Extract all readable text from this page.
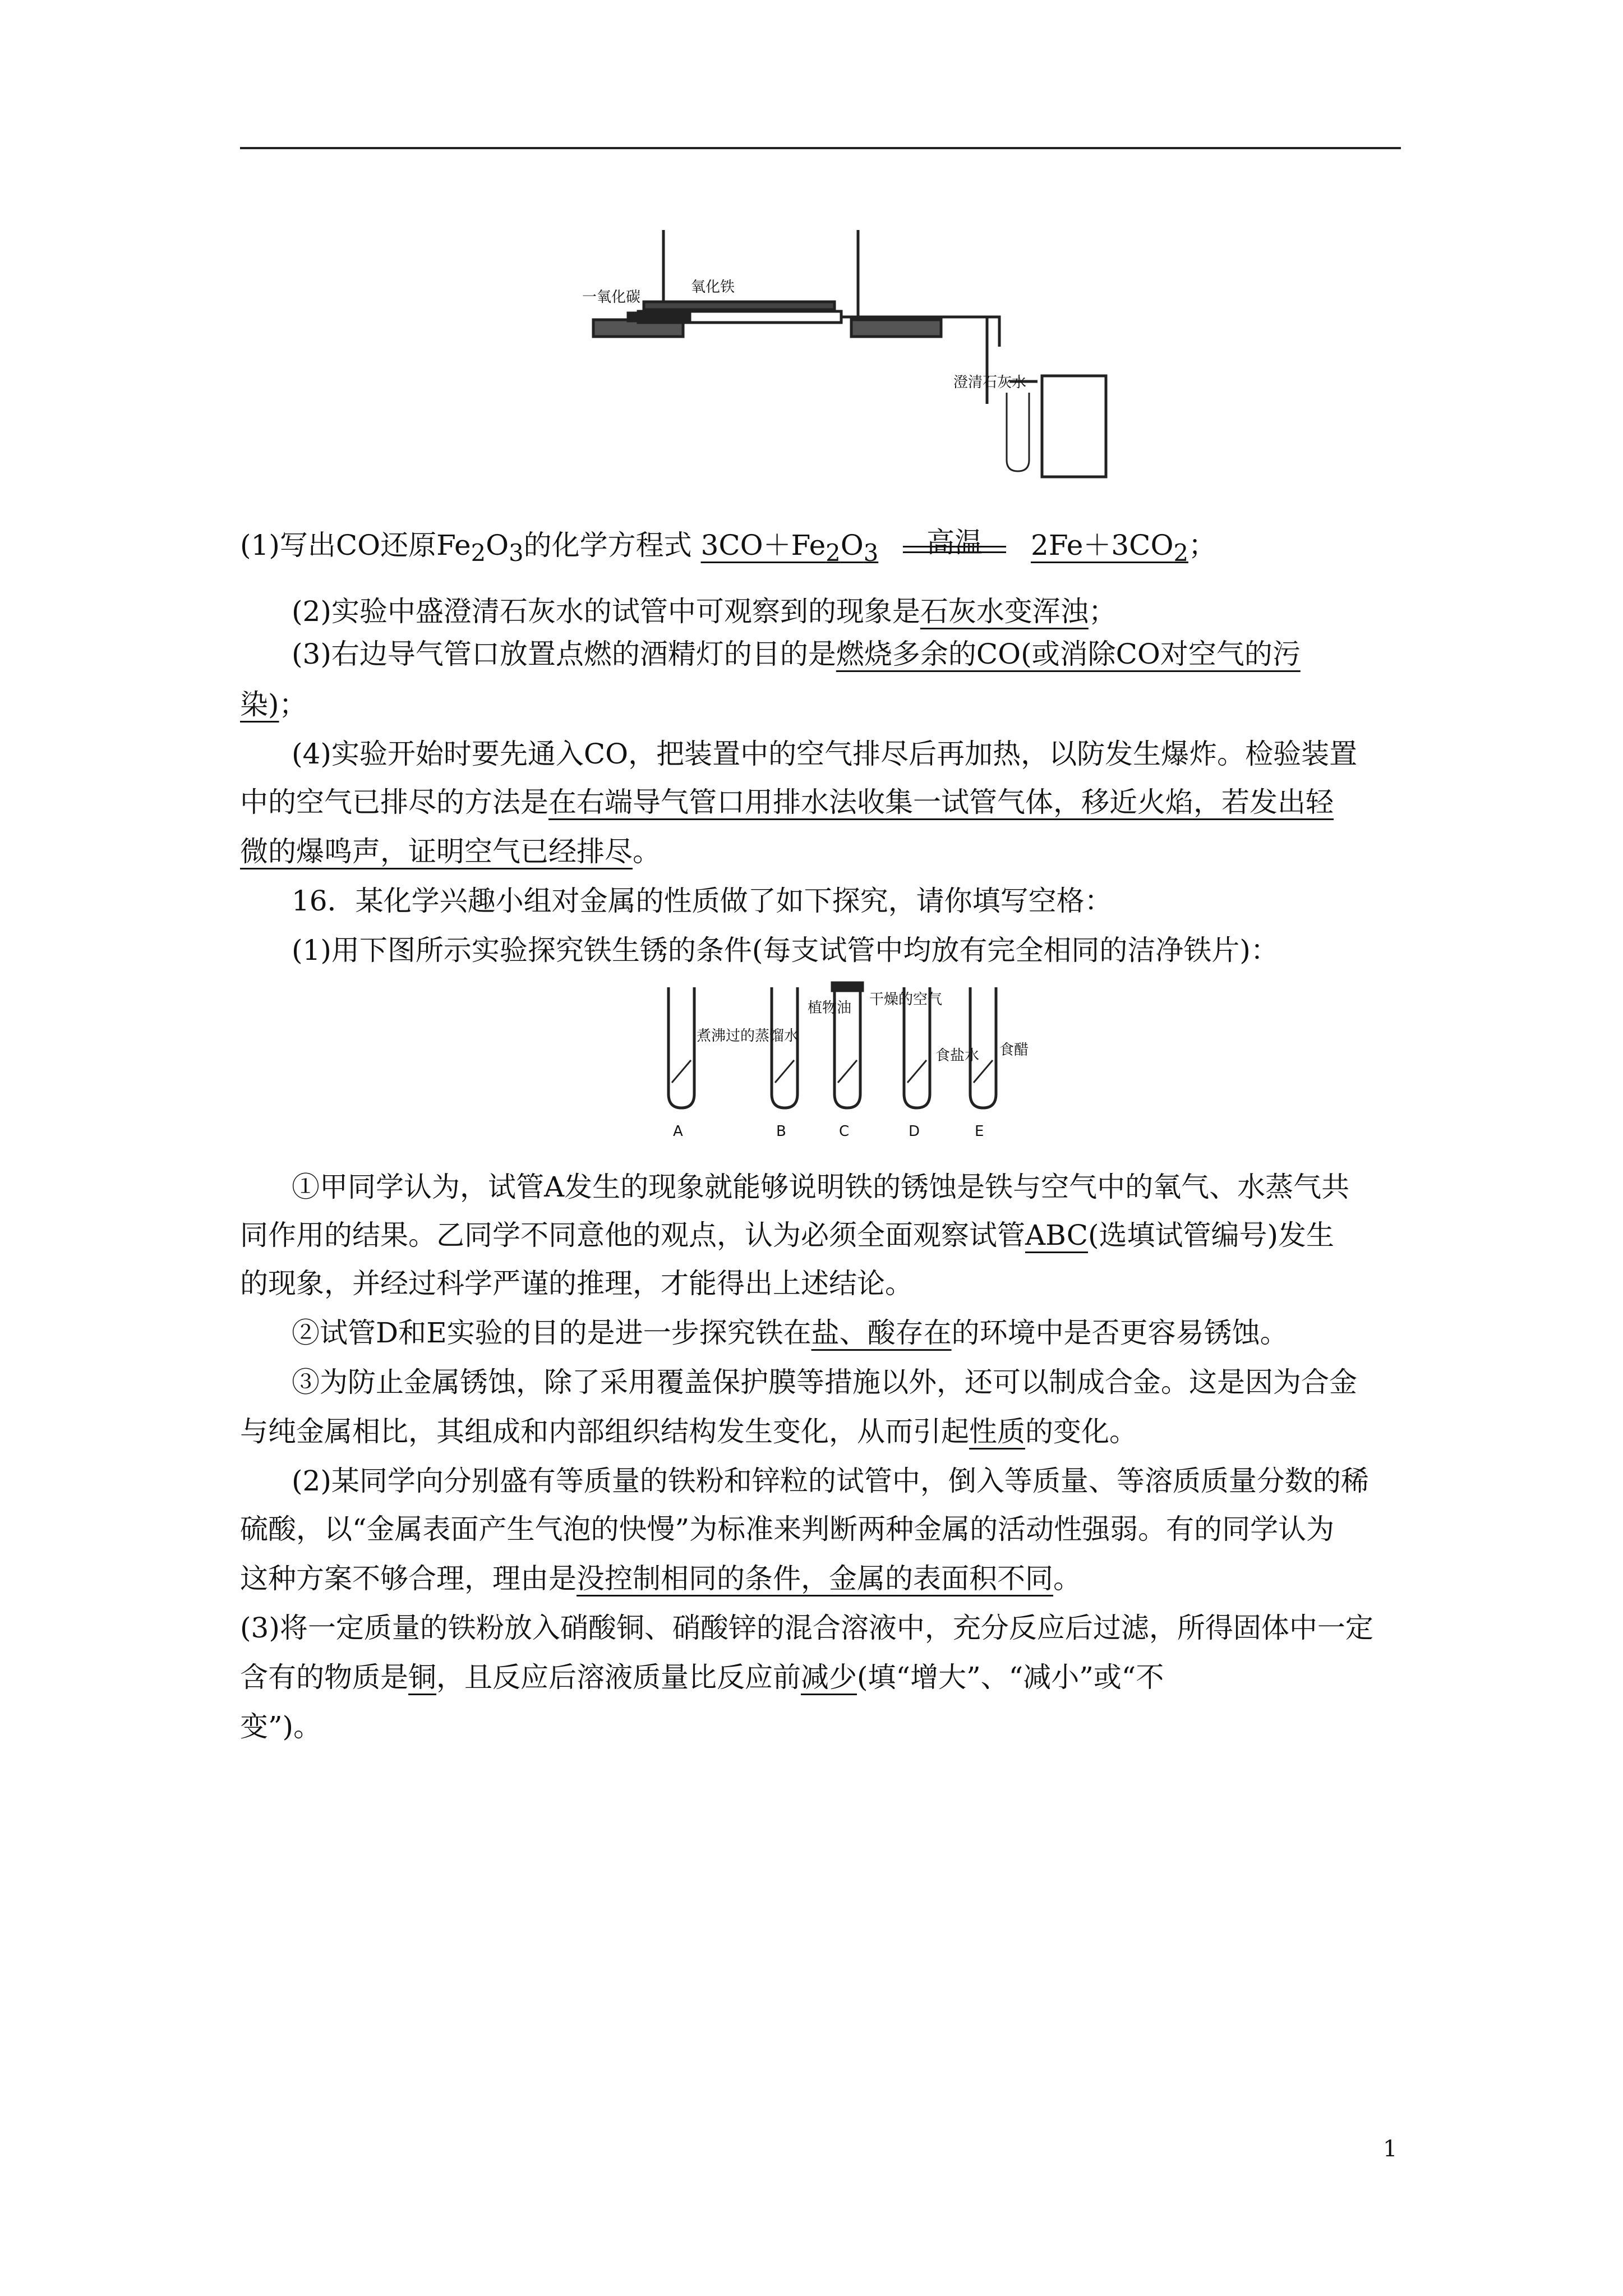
一氧化碳
氧化铁
澄清石灰水
(1)写出CO还原$Fe_2O_3$的化学方程式 $3CO+Fe_2O_3$	高温	$2Fe+3CO_2$；
(2)实验中盛澄清石灰水的试管中可观察到的现象是石灰水变浑浊；
(3)右边导气管口放置点燃的酒精灯的目的是燃烧多余的CO(或消除CO对空气的污
染)；
(4)实验开始时要先通入CO，把装置中的空气排尽后再加热，以防发生爆炸。检验装置
中的空气已排尽的方法是在右端导气管口用排水法收集一试管气体，移近火焰，若发出轻
微的爆鸣声，证明空气已经排尽。
16．某化学兴趣小组对金属的性质做了如下探究，请你填写空格：
(1)用下图所示实验探究铁生锈的条件(每支试管中均放有完全相同的洁净铁片)：
煮沸过的蒸馏水
植物油 干燥的空气
食盐水 食醋
A	B	C	D	E
①甲同学认为，试管A发生的现象就能够说明铁的锈蚀是铁与空气中的氧气、水蒸气共
同作用的结果。乙同学不同意他的观点，认为必须全面观察试管ABC(选填试管编号)发生
的现象，并经过科学严谨的推理，才能得出上述结论。
②试管D和E实验的目的是进一步探究铁在盐、酸存在的环境中是否更容易锈蚀。
③为防止金属锈蚀，除了采用覆盖保护膜等措施以外，还可以制成合金。这是因为合金
与纯金属相比，其组成和内部组织结构发生变化，从而引起性质的变化。
(2)某同学向分别盛有等质量的铁粉和锌粒的试管中，倒入等质量、等溶质质量分数的稀
硫酸，以“金属表面产生气泡的快慢”为标准来判断两种金属的活动性强弱。有的同学认为
这种方案不够合理，理由是没控制相同的条件，金属的表面积不同。
(3)将一定质量的铁粉放入硝酸铜、硝酸锌的混合溶液中，充分反应后过滤，所得固体中一定
含有的物质是铜，且反应后溶液质量比反应前减少(填“增大”、“减小”或“不
变”)。
1
